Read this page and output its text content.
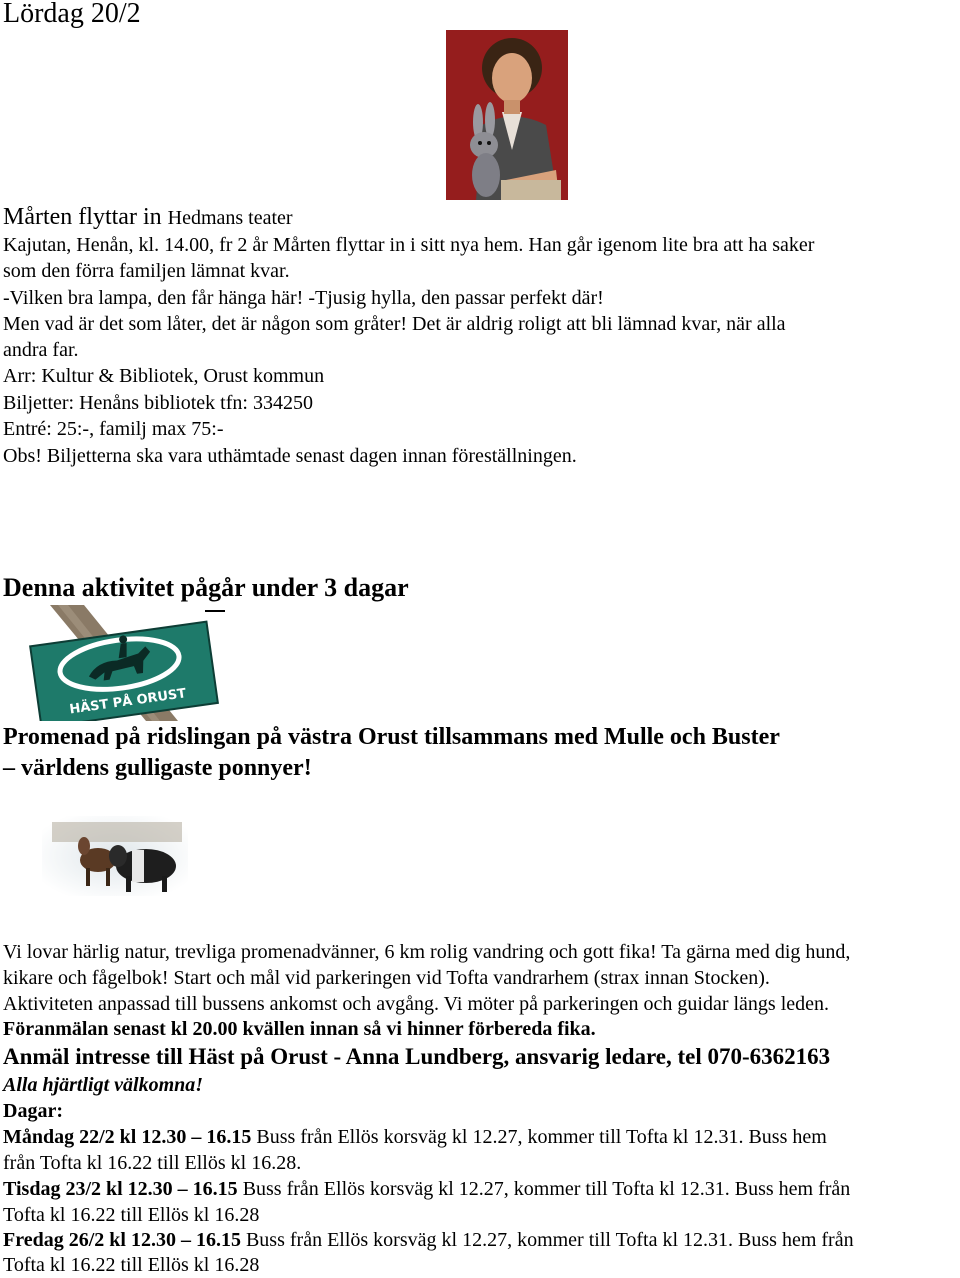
Lördag 20/2
Mårten flyttar in Hedmans teater
Kajutan, Henån, kl. 14.00, fr 2 år Mårten flyttar in i sitt nya hem. Han går igenom lite bra att ha saker
som den förra familjen lämnat kvar.
-Vilken bra lampa, den får hänga här! -Tjusig hylla, den passar perfekt där!
Men vad är det som låter, det är någon som gråter! Det är aldrig roligt att bli lämnad kvar, när alla
andra far.
Arr: Kultur & Bibliotek, Orust kommun
Biljetter: Henåns bibliotek tfn: 334250
Entré: 25:-, familj max 75:-
Obs! Biljetterna ska vara uthämtade senast dagen innan föreställningen.
Denna aktivitet pågår under 3 dagar
HÄST PÅ ORUST
Promenad på ridslingan på västra Orust tillsammans med Mulle och Buster
– världens gulligaste ponnyer!
Vi lovar härlig natur, trevliga promenadvänner, 6 km rolig vandring och gott fika! Ta gärna med dig hund,
kikare och fågelbok! Start och mål vid parkeringen vid Tofta vandrarhem (strax innan Stocken).
Aktiviteten anpassad till bussens ankomst och avgång. Vi möter på parkeringen och guidar längs leden.
Föranmälan senast kl 20.00 kvällen innan så vi hinner förbereda fika.
Anmäl intresse till Häst på Orust - Anna Lundberg, ansvarig ledare, tel 070-6362163
Alla hjärtligt välkomna!
Dagar:
Måndag 22/2 kl 12.30 – 16.15 Buss från Ellös korsväg kl 12.27, kommer till Tofta kl 12.31. Buss hem
från Tofta kl 16.22 till Ellös kl 16.28.
Tisdag 23/2 kl 12.30 – 16.15 Buss från Ellös korsväg kl 12.27, kommer till Tofta kl 12.31. Buss hem från
Tofta kl 16.22 till Ellös kl 16.28
Fredag 26/2 kl 12.30 – 16.15 Buss från Ellös korsväg kl 12.27, kommer till Tofta kl 12.31. Buss hem från
Tofta kl 16.22 till Ellös kl 16.28
